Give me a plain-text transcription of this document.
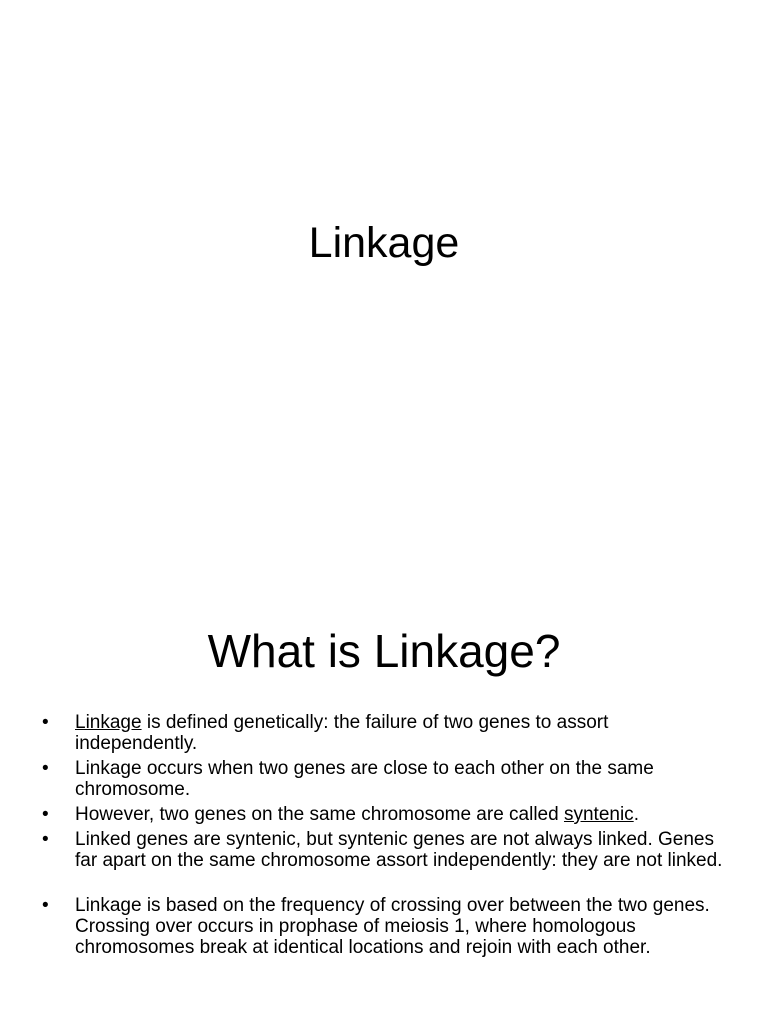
Linkage
What is Linkage?
• Linkage is defined genetically: the failure of two genes to assort independently.
• Linkage occurs when two genes are close to each other on the same chromosome.
• However, two genes on the same chromosome are called syntenic.
• Linked genes are syntenic, but syntenic genes are not always linked. Genes far apart on the same chromosome assort independently: they are not linked.
• Linkage is based on the frequency of crossing over between the two genes. Crossing over occurs in prophase of meiosis 1, where homologous chromosomes break at identical locations and rejoin with each other.
